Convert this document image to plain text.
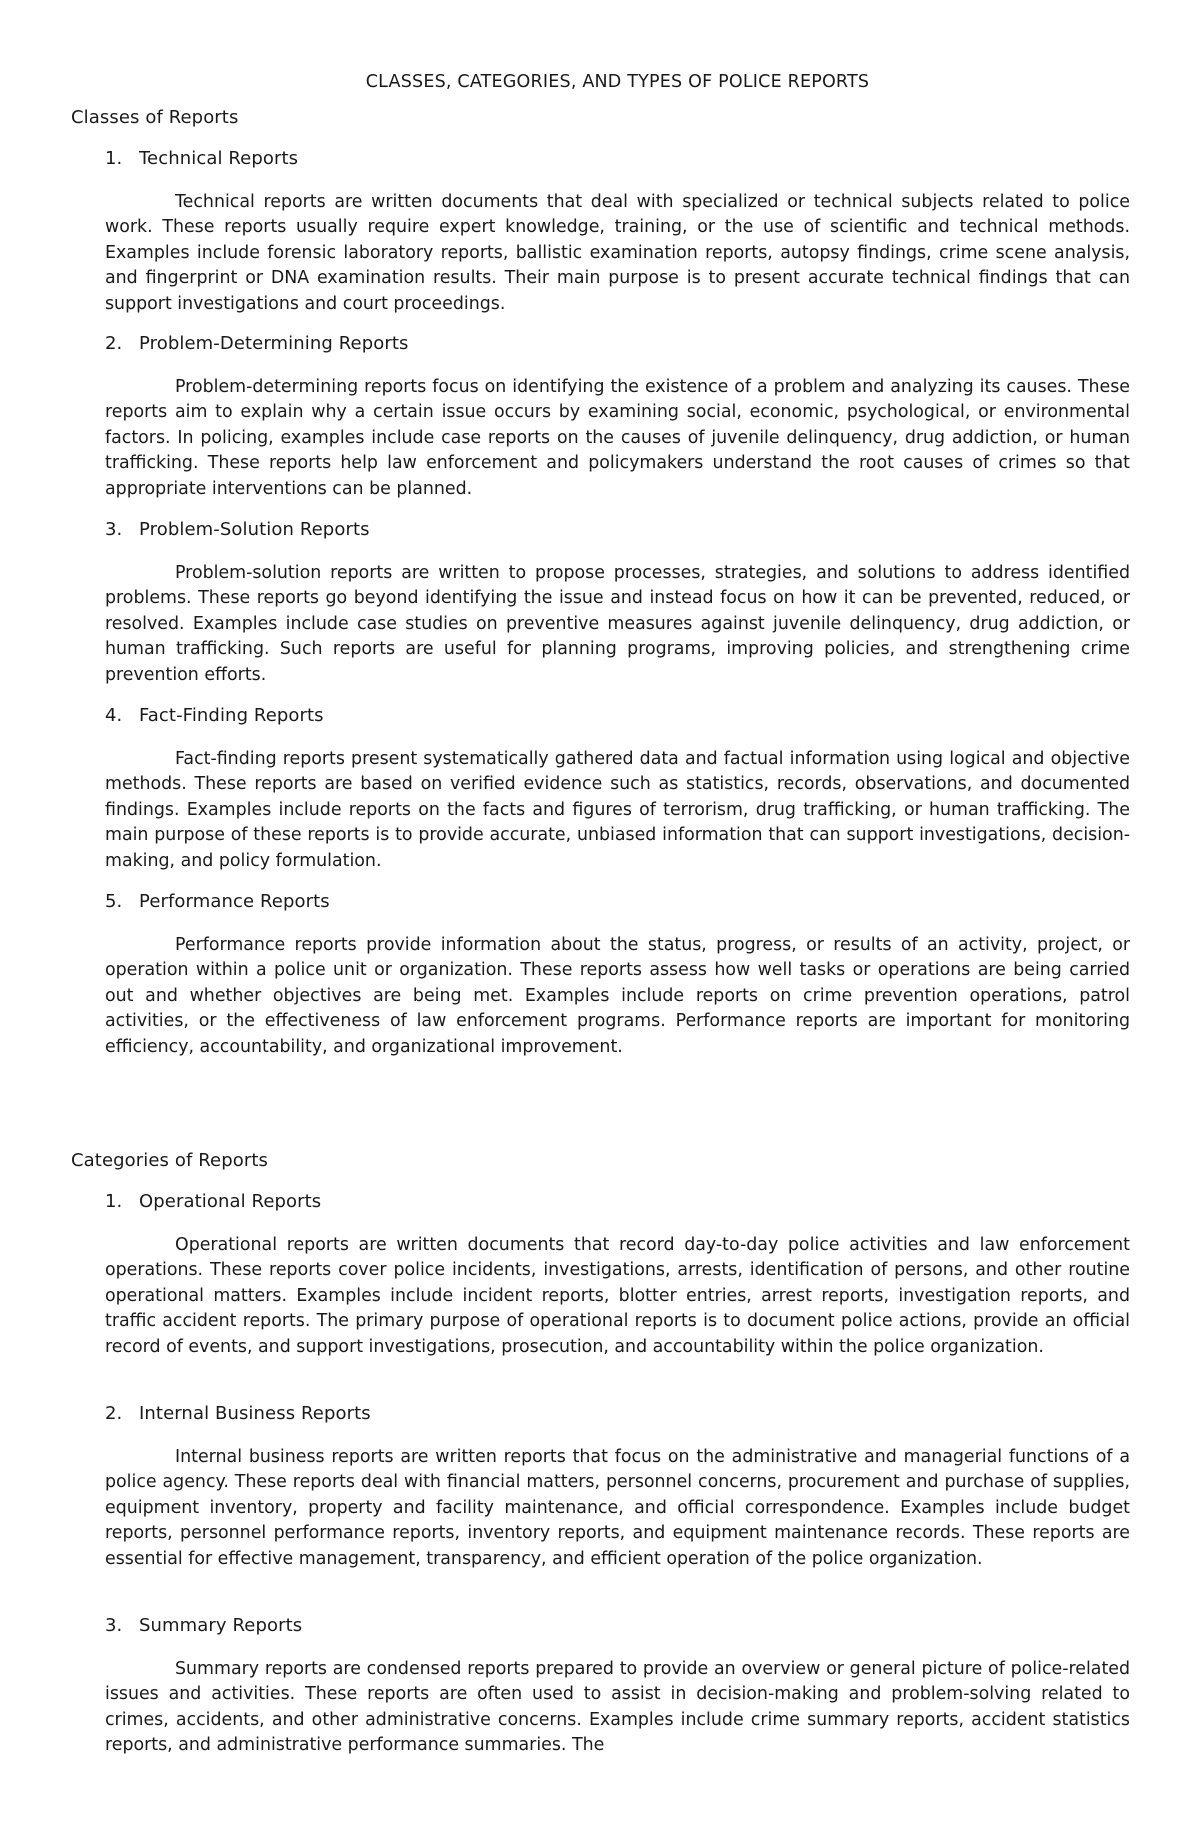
CLASSES, CATEGORIES, AND TYPES OF POLICE REPORTS
Classes of Reports
1. Technical Reports

Technical reports are written documents that deal with specialized or technical subjects related to police work. These reports usually require expert knowledge, training, or the use of scientific and technical methods. Examples include forensic laboratory reports, ballistic examination reports, autopsy findings, crime scene analysis, and fingerprint or DNA examination results. Their main purpose is to present accurate technical findings that can support investigations and court proceedings.

2. Problem-Determining Reports

Problem-determining reports focus on identifying the existence of a problem and analyzing its causes. These reports aim to explain why a certain issue occurs by examining social, economic, psychological, or environmental factors. In policing, examples include case reports on the causes of juvenile delinquency, drug addiction, or human trafficking. These reports help law enforcement and policymakers understand the root causes of crimes so that appropriate interventions can be planned.

3. Problem-Solution Reports

Problem-solution reports are written to propose processes, strategies, and solutions to address identified problems. These reports go beyond identifying the issue and instead focus on how it can be prevented, reduced, or resolved. Examples include case studies on preventive measures against juvenile delinquency, drug addiction, or human trafficking. Such reports are useful for planning programs, improving policies, and strengthening crime prevention efforts.

4. Fact-Finding Reports

Fact-finding reports present systematically gathered data and factual information using logical and objective methods. These reports are based on verified evidence such as statistics, records, observations, and documented findings. Examples include reports on the facts and figures of terrorism, drug trafficking, or human trafficking. The main purpose of these reports is to provide accurate, unbiased information that can support investigations, decision-making, and policy formulation.

5. Performance Reports

Performance reports provide information about the status, progress, or results of an activity, project, or operation within a police unit or organization. These reports assess how well tasks or operations are being carried out and whether objectives are being met. Examples include reports on crime prevention operations, patrol activities, or the effectiveness of law enforcement programs. Performance reports are important for monitoring efficiency, accountability, and organizational improvement.

Categories of Reports
1. Operational Reports

Operational reports are written documents that record day-to-day police activities and law enforcement operations. These reports cover police incidents, investigations, arrests, identification of persons, and other routine operational matters. Examples include incident reports, blotter entries, arrest reports, investigation reports, and traffic accident reports. The primary purpose of operational reports is to document police actions, provide an official record of events, and support investigations, prosecution, and accountability within the police organization.

2. Internal Business Reports

Internal business reports are written reports that focus on the administrative and managerial functions of a police agency. These reports deal with financial matters, personnel concerns, procurement and purchase of supplies, equipment inventory, property and facility maintenance, and official correspondence. Examples include budget reports, personnel performance reports, inventory reports, and equipment maintenance records. These reports are essential for effective management, transparency, and efficient operation of the police organization.

3. Summary Reports

Summary reports are condensed reports prepared to provide an overview or general picture of police-related issues and activities. These reports are often used to assist in decision-making and problem-solving related to crimes, accidents, and other administrative concerns. Examples include crime summary reports, accident statistics reports, and administrative performance summaries. The
